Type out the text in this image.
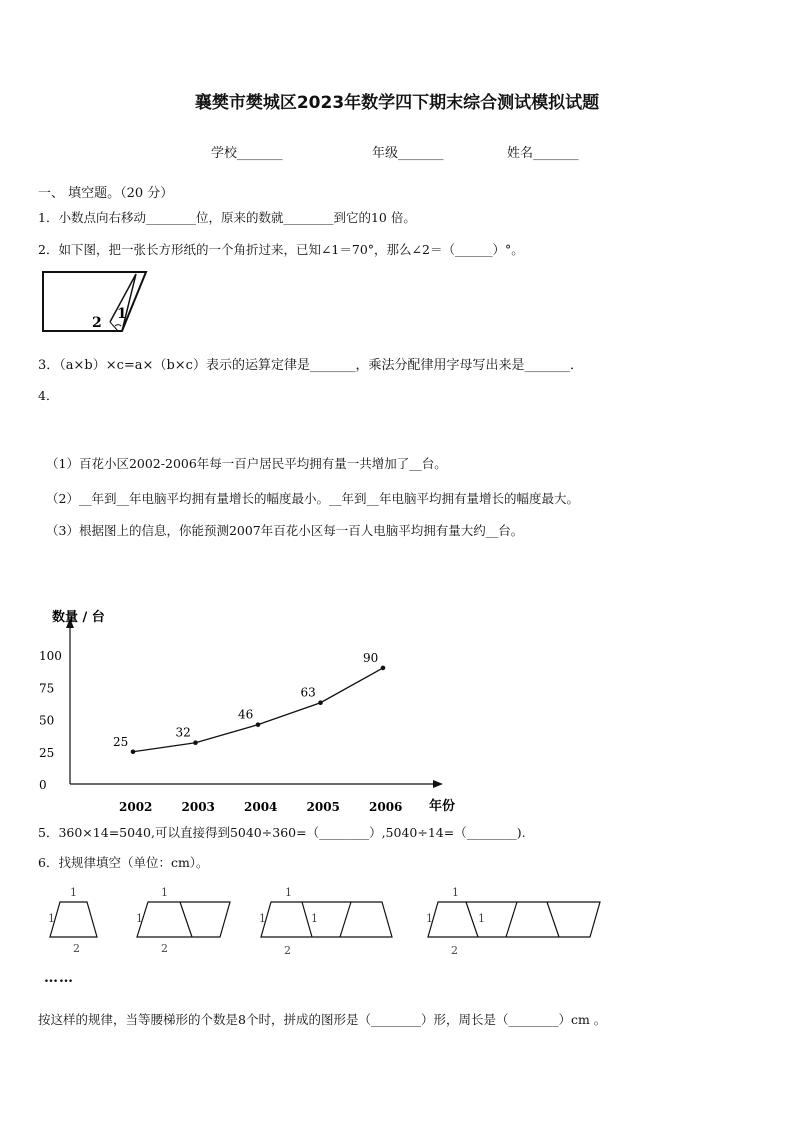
襄樊市樊城区2023年数学四下期末综合测试模拟试题
学校_______	年级_______	姓名_______
一、 填空题。（20 分）
1．小数点向右移动________位，原来的数就________到它的10 倍。
2．如下图，把一张长方形纸的一个角折过来，已知∠1＝70°，那么∠2＝（______）°。
1
2
3．（a×b）×c=a×（b×c）表示的运算定律是_______，乘法分配律用字母写出来是_______．
4．
（1）百花小区2002-2006年每一百户居民平均拥有量一共增加了__台。
（2）__年到__年电脑平均拥有量增长的幅度最小。__年到__年电脑平均拥有量增长的幅度最大。
（3）根据图上的信息，你能预测2007年百花小区每一百人电脑平均拥有量大约__台。
数量 / 台
年份
0
25
50
75
100
2002 2003 2004 2005 2006
25
32
46
63
90
5．360×14=5040,可以直接得到5040÷360=（________）,5040÷14=（________).
6．找规律填空（单位：cm）。
1
1
2
1
1
2
1
1	1
2
1
1	1
2
……
按这样的规律，当等腰梯形的个数是8个时，拼成的图形是（________）形，周长是（________）cm 。
